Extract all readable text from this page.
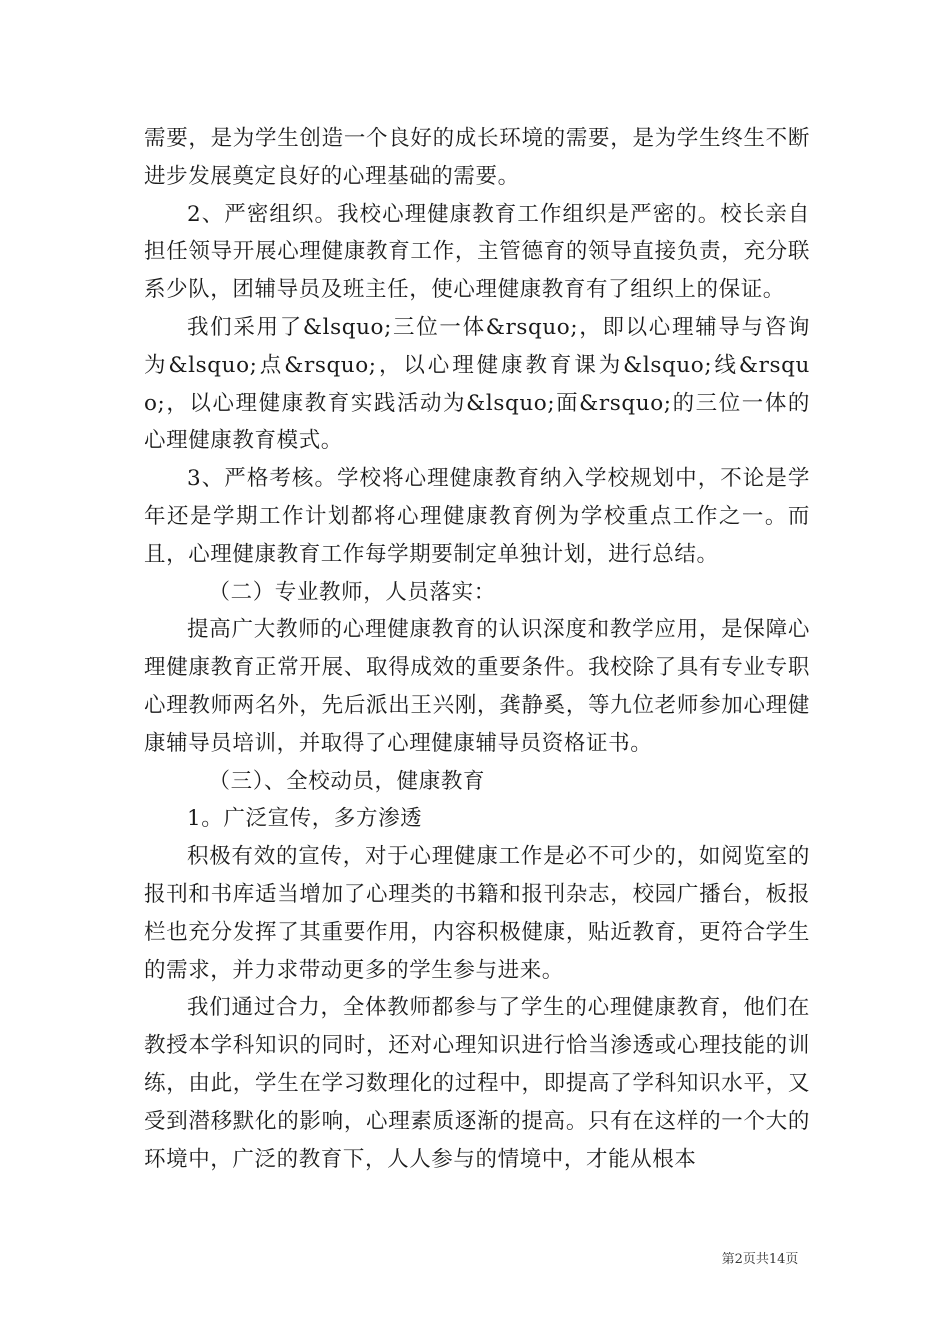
需要，是为学生创造一个良好的成长环境的需要，是为学生终生不断进步发展奠定良好的心理基础的需要。

2、严密组织。我校心理健康教育工作组织是严密的。校长亲自担任领导开展心理健康教育工作，主管德育的领导直接负责，充分联系少队，团辅导员及班主任，使心理健康教育有了组织上的保证。

我们采用了&lsquo;三位一体&rsquo;，即以心理辅导与咨询为&lsquo;点&rsquo;，以心理健康教育课为&lsquo;线&rsquo;，以心理健康教育实践活动为&lsquo;面&rsquo;的三位一体的心理健康教育模式。

3、严格考核。学校将心理健康教育纳入学校规划中，不论是学年还是学期工作计划都将心理健康教育例为学校重点工作之一。而且，心理健康教育工作每学期要制定单独计划，进行总结。

（二）专业教师，人员落实：

提高广大教师的心理健康教育的认识深度和教学应用，是保障心理健康教育正常开展、取得成效的重要条件。我校除了具有专业专职心理教师两名外，先后派出王兴刚，龚静奚，等九位老师参加心理健康辅导员培训，并取得了心理健康辅导员资格证书。

（三）、全校动员，健康教育

1。广泛宣传，多方渗透

积极有效的宣传，对于心理健康工作是必不可少的，如阅览室的报刊和书库适当增加了心理类的书籍和报刊杂志，校园广播台，板报栏也充分发挥了其重要作用，内容积极健康，贴近教育，更符合学生的需求，并力求带动更多的学生参与进来。

我们通过合力，全体教师都参与了学生的心理健康教育，他们在教授本学科知识的同时，还对心理知识进行恰当渗透或心理技能的训练，由此，学生在学习数理化的过程中，即提高了学科知识水平，又受到潜移默化的影响，心理素质逐渐的提高。只有在这样的一个大的环境中，广泛的教育下，人人参与的情境中，才能从根本

第2页共14页
